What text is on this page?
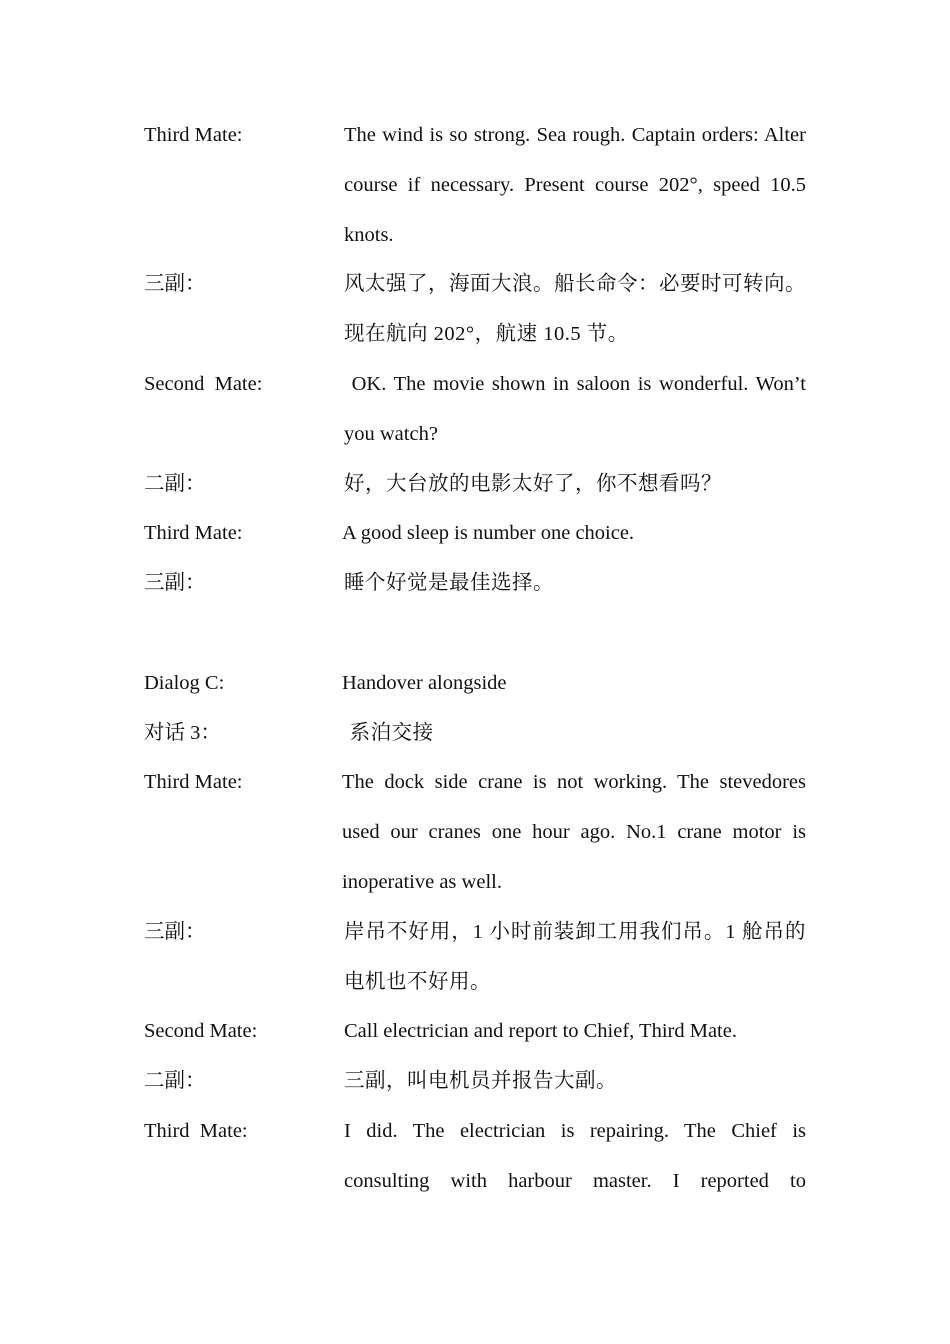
Third Mate:	The wind is so strong. Sea rough. Captain orders: Alter course if necessary. Present course 202°, speed 10.5 knots.
三副：	风太强了，海面大浪。船长命令：必要时可转向。现在航向 202°，航速 10.5 节。
Second  Mate:	OK. The movie shown in saloon is wonderful. Won’t you watch?
二副：	好，大台放的电影太好了，你不想看吗？
Third Mate:	A good sleep is number one choice.
三副：	睡个好觉是最佳选择。
Dialog C:	Handover alongside
对话 3：	系泊交接
Third Mate:	The dock side crane is not working. The stevedores used our cranes one hour ago. No.1 crane motor is inoperative as well.
三副：	岸吊不好用，1 小时前装卸工用我们吊。1 舱吊的电机也不好用。
Second Mate:	Call electrician and report to Chief, Third Mate.
二副：	三副，叫电机员并报告大副。
Third  Mate:	I did. The electrician is repairing. The Chief is consulting with harbour master. I reported to
